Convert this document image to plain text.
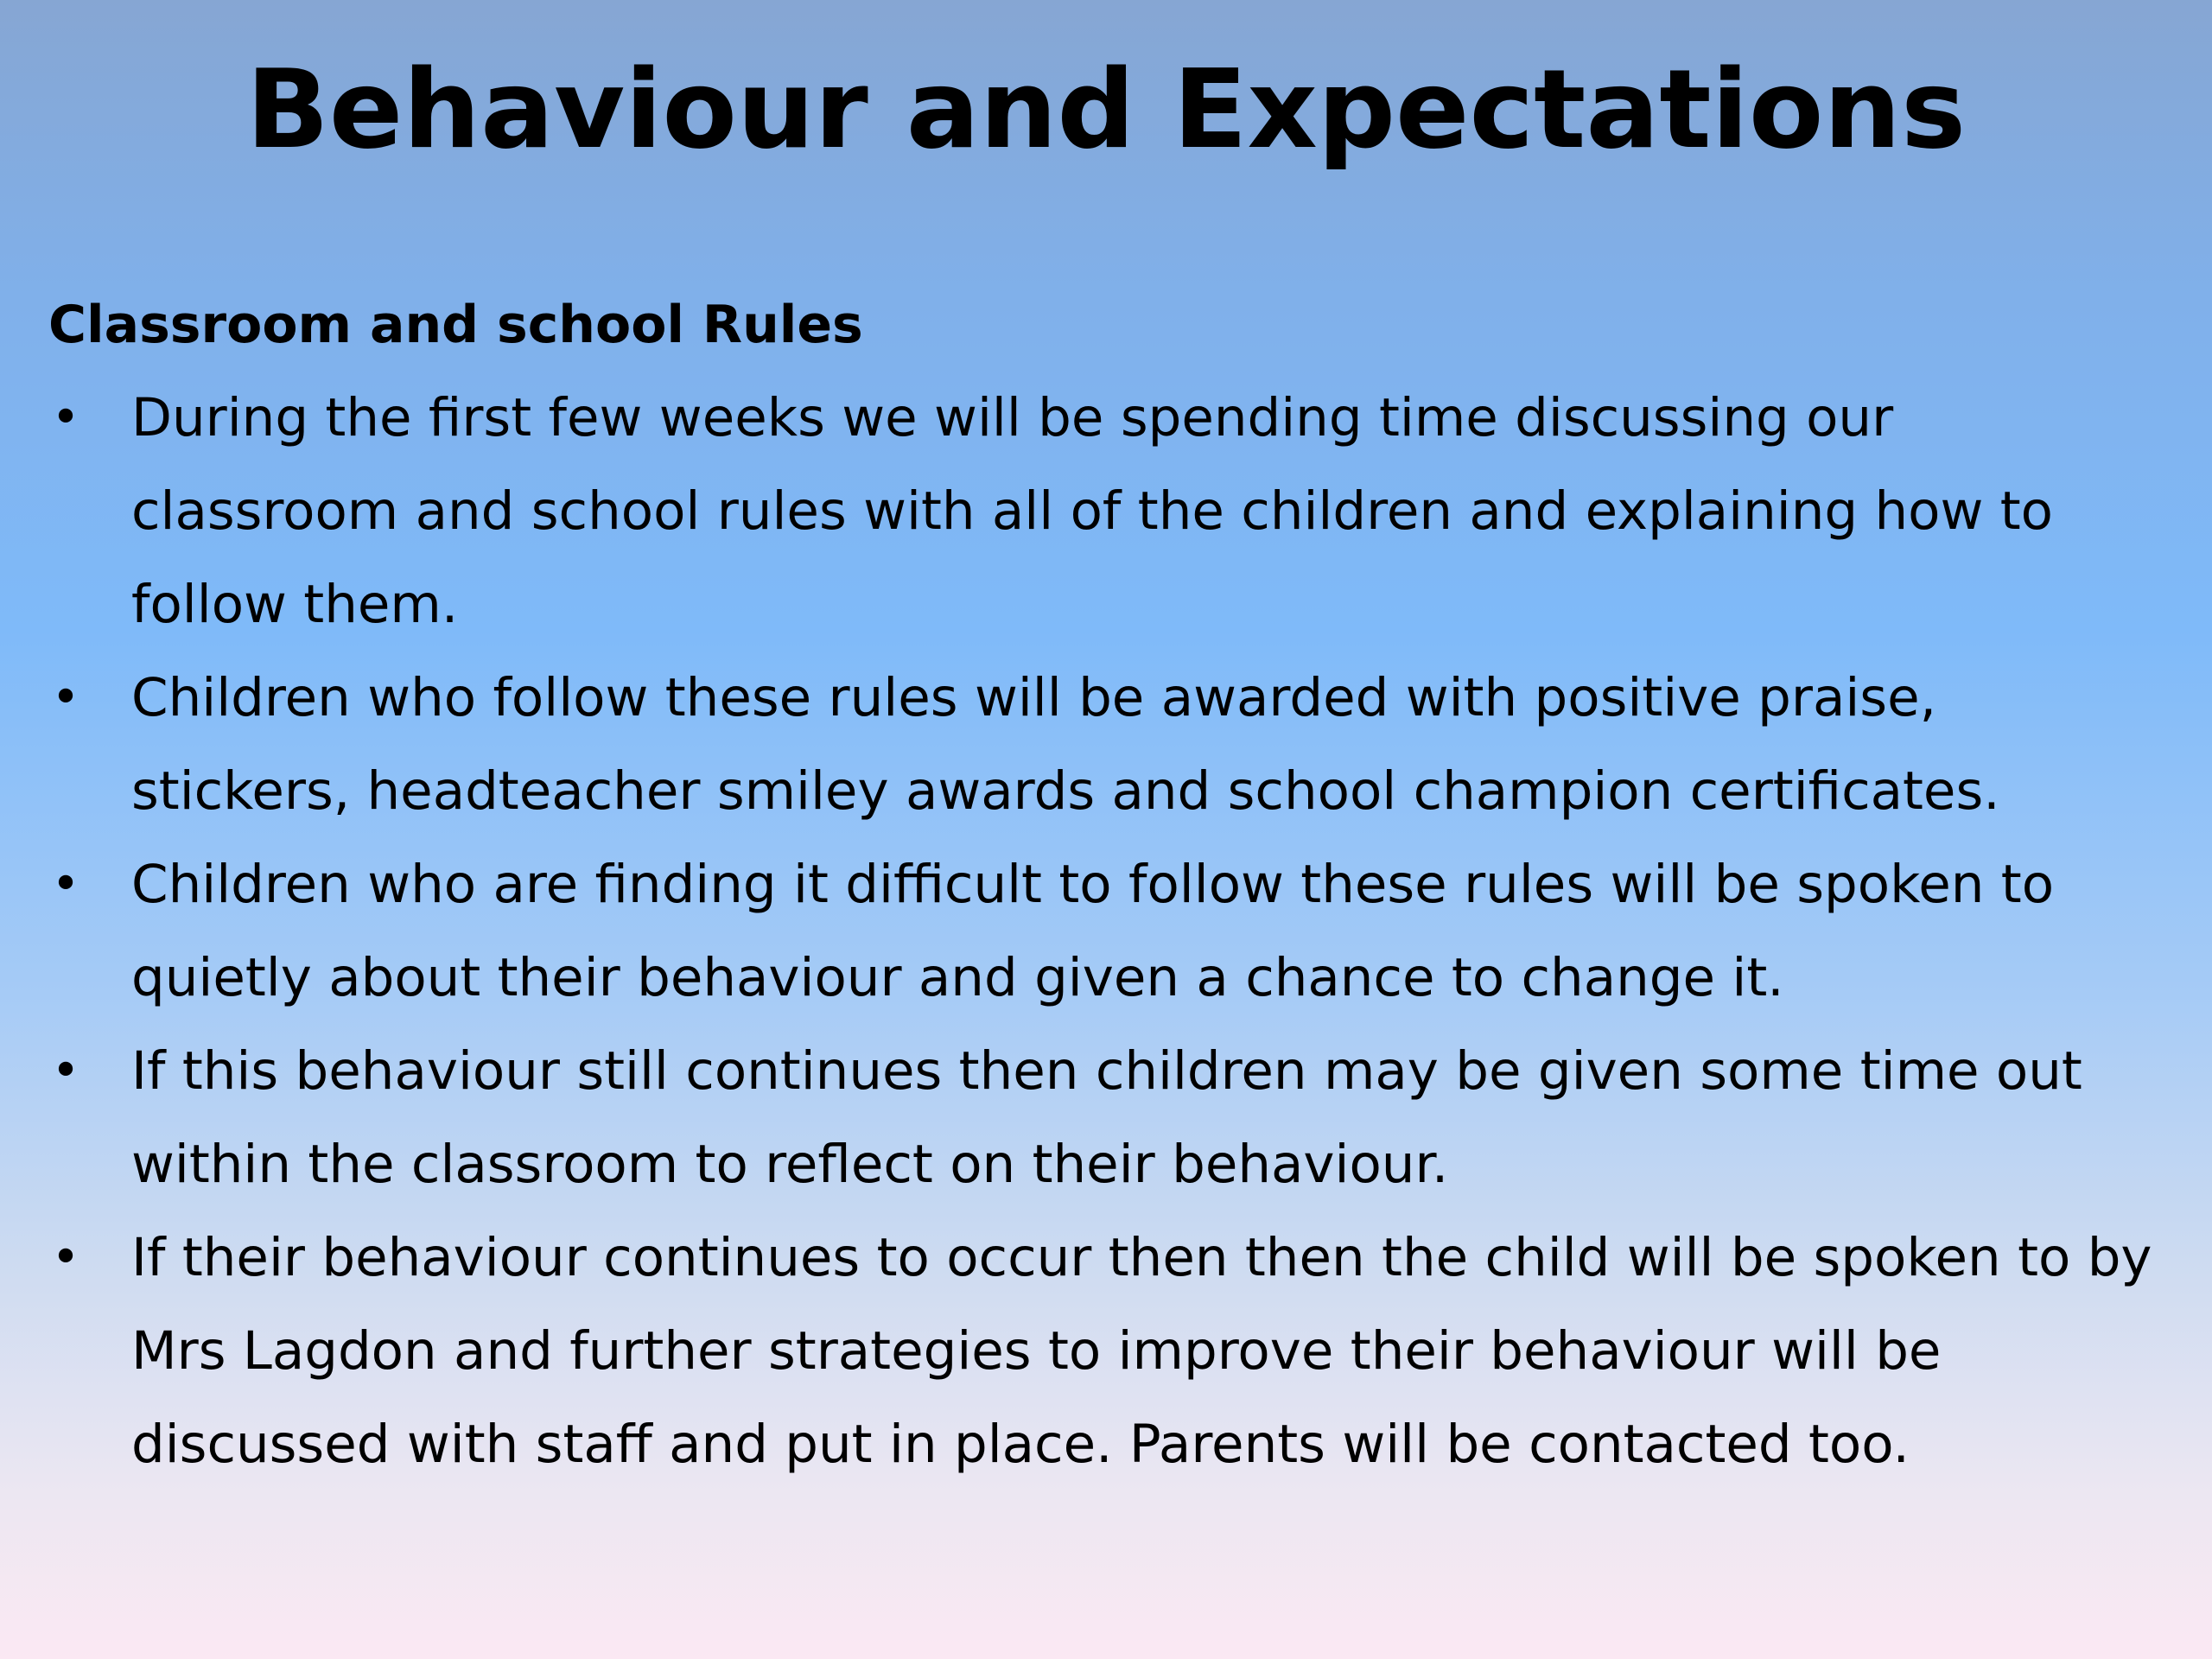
Behaviour and Expectations
Classroom and school Rules
• During the first few weeks we will be spending time discussing our classroom and school rules with all of the children and explaining how to follow them.
• Children who follow these rules will be awarded with positive praise, stickers, headteacher smiley awards and school champion certificates.
• Children who are finding it difficult to follow these rules will be spoken to quietly about their behaviour and given a chance to change it.
• If this behaviour still continues then children may be given some time out within the classroom to reflect on their behaviour.
• If their behaviour continues to occur then then the child will be spoken to by Mrs Lagdon and further strategies to improve their behaviour will be discussed with staff and put in place. Parents will be contacted too.
